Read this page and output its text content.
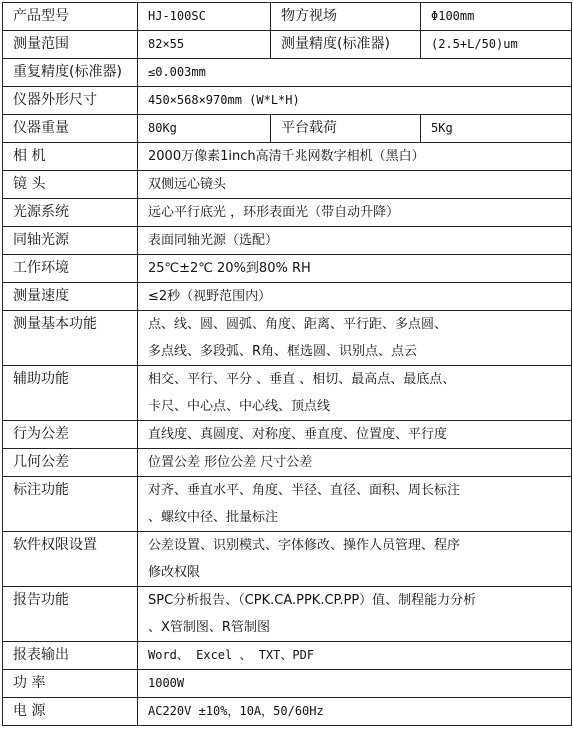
产品型号	HJ-100SC	物方视场	Φ100mm
测量范围	82×55	测量精度(标准器)	(2.5+L/50)um
重复精度(标准器)	≤0.003mm		
仪器外形尺寸	450×568×970mm (W*L*H)		
仪器重量	80Kg	平台载荷	5Kg
相 机	2000万像素1inch高清千兆网数字相机（黑白）		
镜 头	双侧远心镜头		
光源系统	远心平行底光 ，环形表面光（带自动升降）		
同轴光源	表面同轴光源（选配）		
工作环境	25℃±2℃ 20%到80% RH		
测量速度	≤2秒（视野范围内）		
测量基本功能	点、线、圆、圆弧、角度、距离、平行距、多点圆、
多点线、多段弧、R角、框选圆、识别点、点云		

辅助功能	相交、平行、平分 、垂直 、相切、最高点、最底点、
卡尺、中心点、中心线、顶点线		

行为公差	直线度、真圆度、对称度、垂直度、位置度、平行度		
几何公差	位置公差 形位公差 尺寸公差		
标注功能	对齐、垂直水平、角度、半径、直径、面积、周长标注
、螺纹中径、批量标注		

软件权限设置	公差设置、识别模式、字体修改、操作人员管理、程序
修改权限		

报告功能	SPC分析报告、（CPK.CA.PPK.CP.PP）值、制程能力分析
、X管制图、R管制图		

报表输出	Word、 Excel 、 TXT、PDF		
功 率	1000W		
电 源	AC220V ±10%，10A，50/60Hz		
